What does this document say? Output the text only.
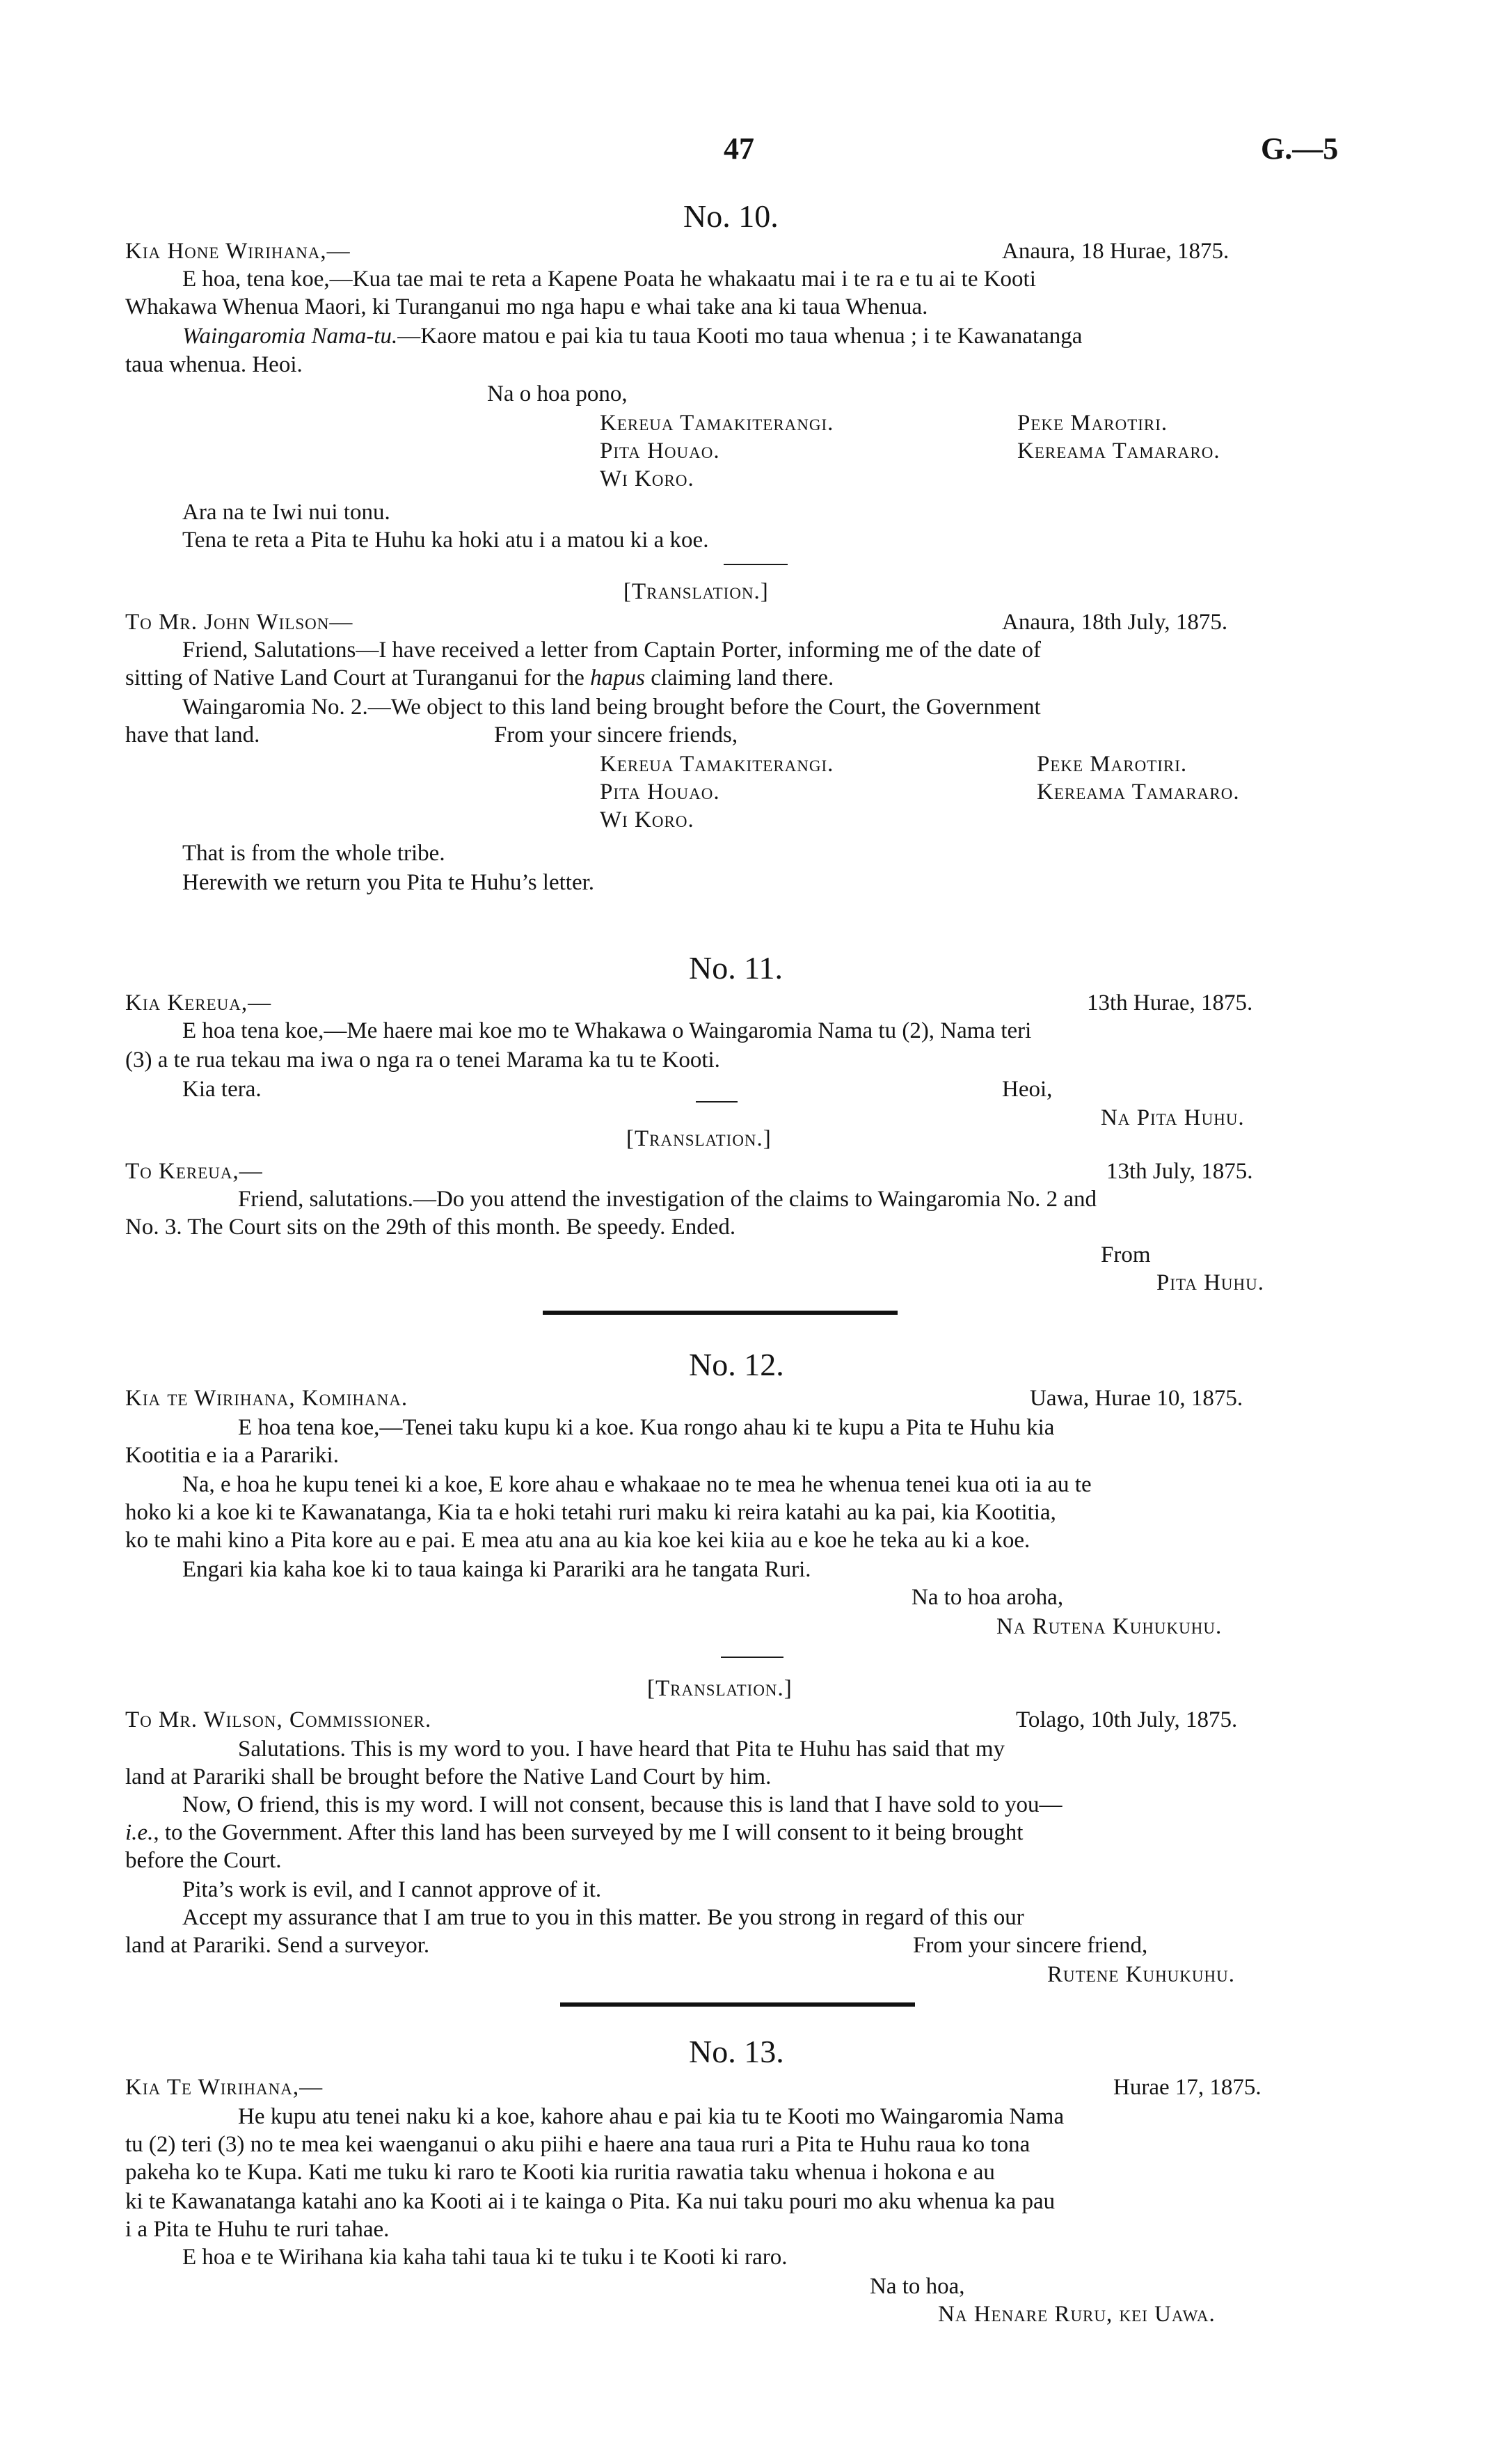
47	G.—5
No. 10.
Kia Hone Wirihana,—	Anaura, 18 Hurae, 1875.
E hoa, tena koe,—Kua tae mai te reta a Kapene Poata he whakaatu mai i te ra e tu ai te Kooti
Whakawa Whenua Maori, ki Turanganui mo nga hapu e whai take ana ki taua Whenua.
Waingaromia Nama-tu.—Kaore matou e pai kia tu taua Kooti mo taua whenua ; i te Kawanatanga
taua whenua. Heoi.
Na o hoa pono,
Kereua Tamakiterangi.	Peke Marotiri.
Pita Houao.	Kereama Tamararo.
Wi Koro.
Ara na te Iwi nui tonu.
Tena te reta a Pita te Huhu ka hoki atu i a matou ki a koe.
[Translation.]
To Mr. John Wilson—	Anaura, 18th July, 1875.
Friend, Salutations—I have received a letter from Captain Porter, informing me of the date of
sitting of Native Land Court at Turanganui for the hapus claiming land there.
Waingaromia No. 2.—We object to this land being brought before the Court, the Government
have that land.	From your sincere friends,
Kereua Tamakiterangi.	Peke Marotiri.
Pita Houao.	Kereama Tamararo.
Wi Koro.
That is from the whole tribe.
Herewith we return you Pita te Huhu’s letter.
No. 11.
Kia Kereua,—	13th Hurae, 1875.
E hoa tena koe,—Me haere mai koe mo te Whakawa o Waingaromia Nama tu (2), Nama teri
(3) a te rua tekau ma iwa o nga ra o tenei Marama ka tu te Kooti.
Kia tera.	Heoi,
Na Pita Huhu.
[Translation.]
To Kereua,—	13th July, 1875.
Friend, salutations.—Do you attend the investigation of the claims to Waingaromia No. 2 and
No. 3. The Court sits on the 29th of this month. Be speedy. Ended.
From
Pita Huhu.
No. 12.
Kia te Wirihana, Komihana.	Uawa, Hurae 10, 1875.
E hoa tena koe,—Tenei taku kupu ki a koe. Kua rongo ahau ki te kupu a Pita te Huhu kia
Kootitia e ia a Parariki.
Na, e hoa he kupu tenei ki a koe, E kore ahau e whakaae no te mea he whenua tenei kua oti ia au te
hoko ki a koe ki te Kawanatanga, Kia ta e hoki tetahi ruri maku ki reira katahi au ka pai, kia Kootitia,
ko te mahi kino a Pita kore au e pai. E mea atu ana au kia koe kei kiia au e koe he teka au ki a koe.
Engari kia kaha koe ki to taua kainga ki Parariki ara he tangata Ruri.
Na to hoa aroha,
Na Rutena Kuhukuhu.
[Translation.]
To Mr. Wilson, Commissioner.	Tolago, 10th July, 1875.
Salutations. This is my word to you. I have heard that Pita te Huhu has said that my
land at Parariki shall be brought before the Native Land Court by him.
Now, O friend, this is my word. I will not consent, because this is land that I have sold to you—
i.e., to the Government. After this land has been surveyed by me I will consent to it being brought
before the Court.
Pita’s work is evil, and I cannot approve of it.
Accept my assurance that I am true to you in this matter. Be you strong in regard of this our
land at Parariki. Send a surveyor.	From your sincere friend,
Rutene Kuhukuhu.
No. 13.
Kia Te Wirihana,—	Hurae 17, 1875.
He kupu atu tenei naku ki a koe, kahore ahau e pai kia tu te Kooti mo Waingaromia Nama
tu (2) teri (3) no te mea kei waenganui o aku piihi e haere ana taua ruri a Pita te Huhu raua ko tona
pakeha ko te Kupa. Kati me tuku ki raro te Kooti kia ruritia rawatia taku whenua i hokona e au
ki te Kawanatanga katahi ano ka Kooti ai i te kainga o Pita. Ka nui taku pouri mo aku whenua ka pau
i a Pita te Huhu te ruri tahae.
E hoa e te Wirihana kia kaha tahi taua ki te tuku i te Kooti ki raro.
Na to hoa,
Na Henare Ruru, kei Uawa.
